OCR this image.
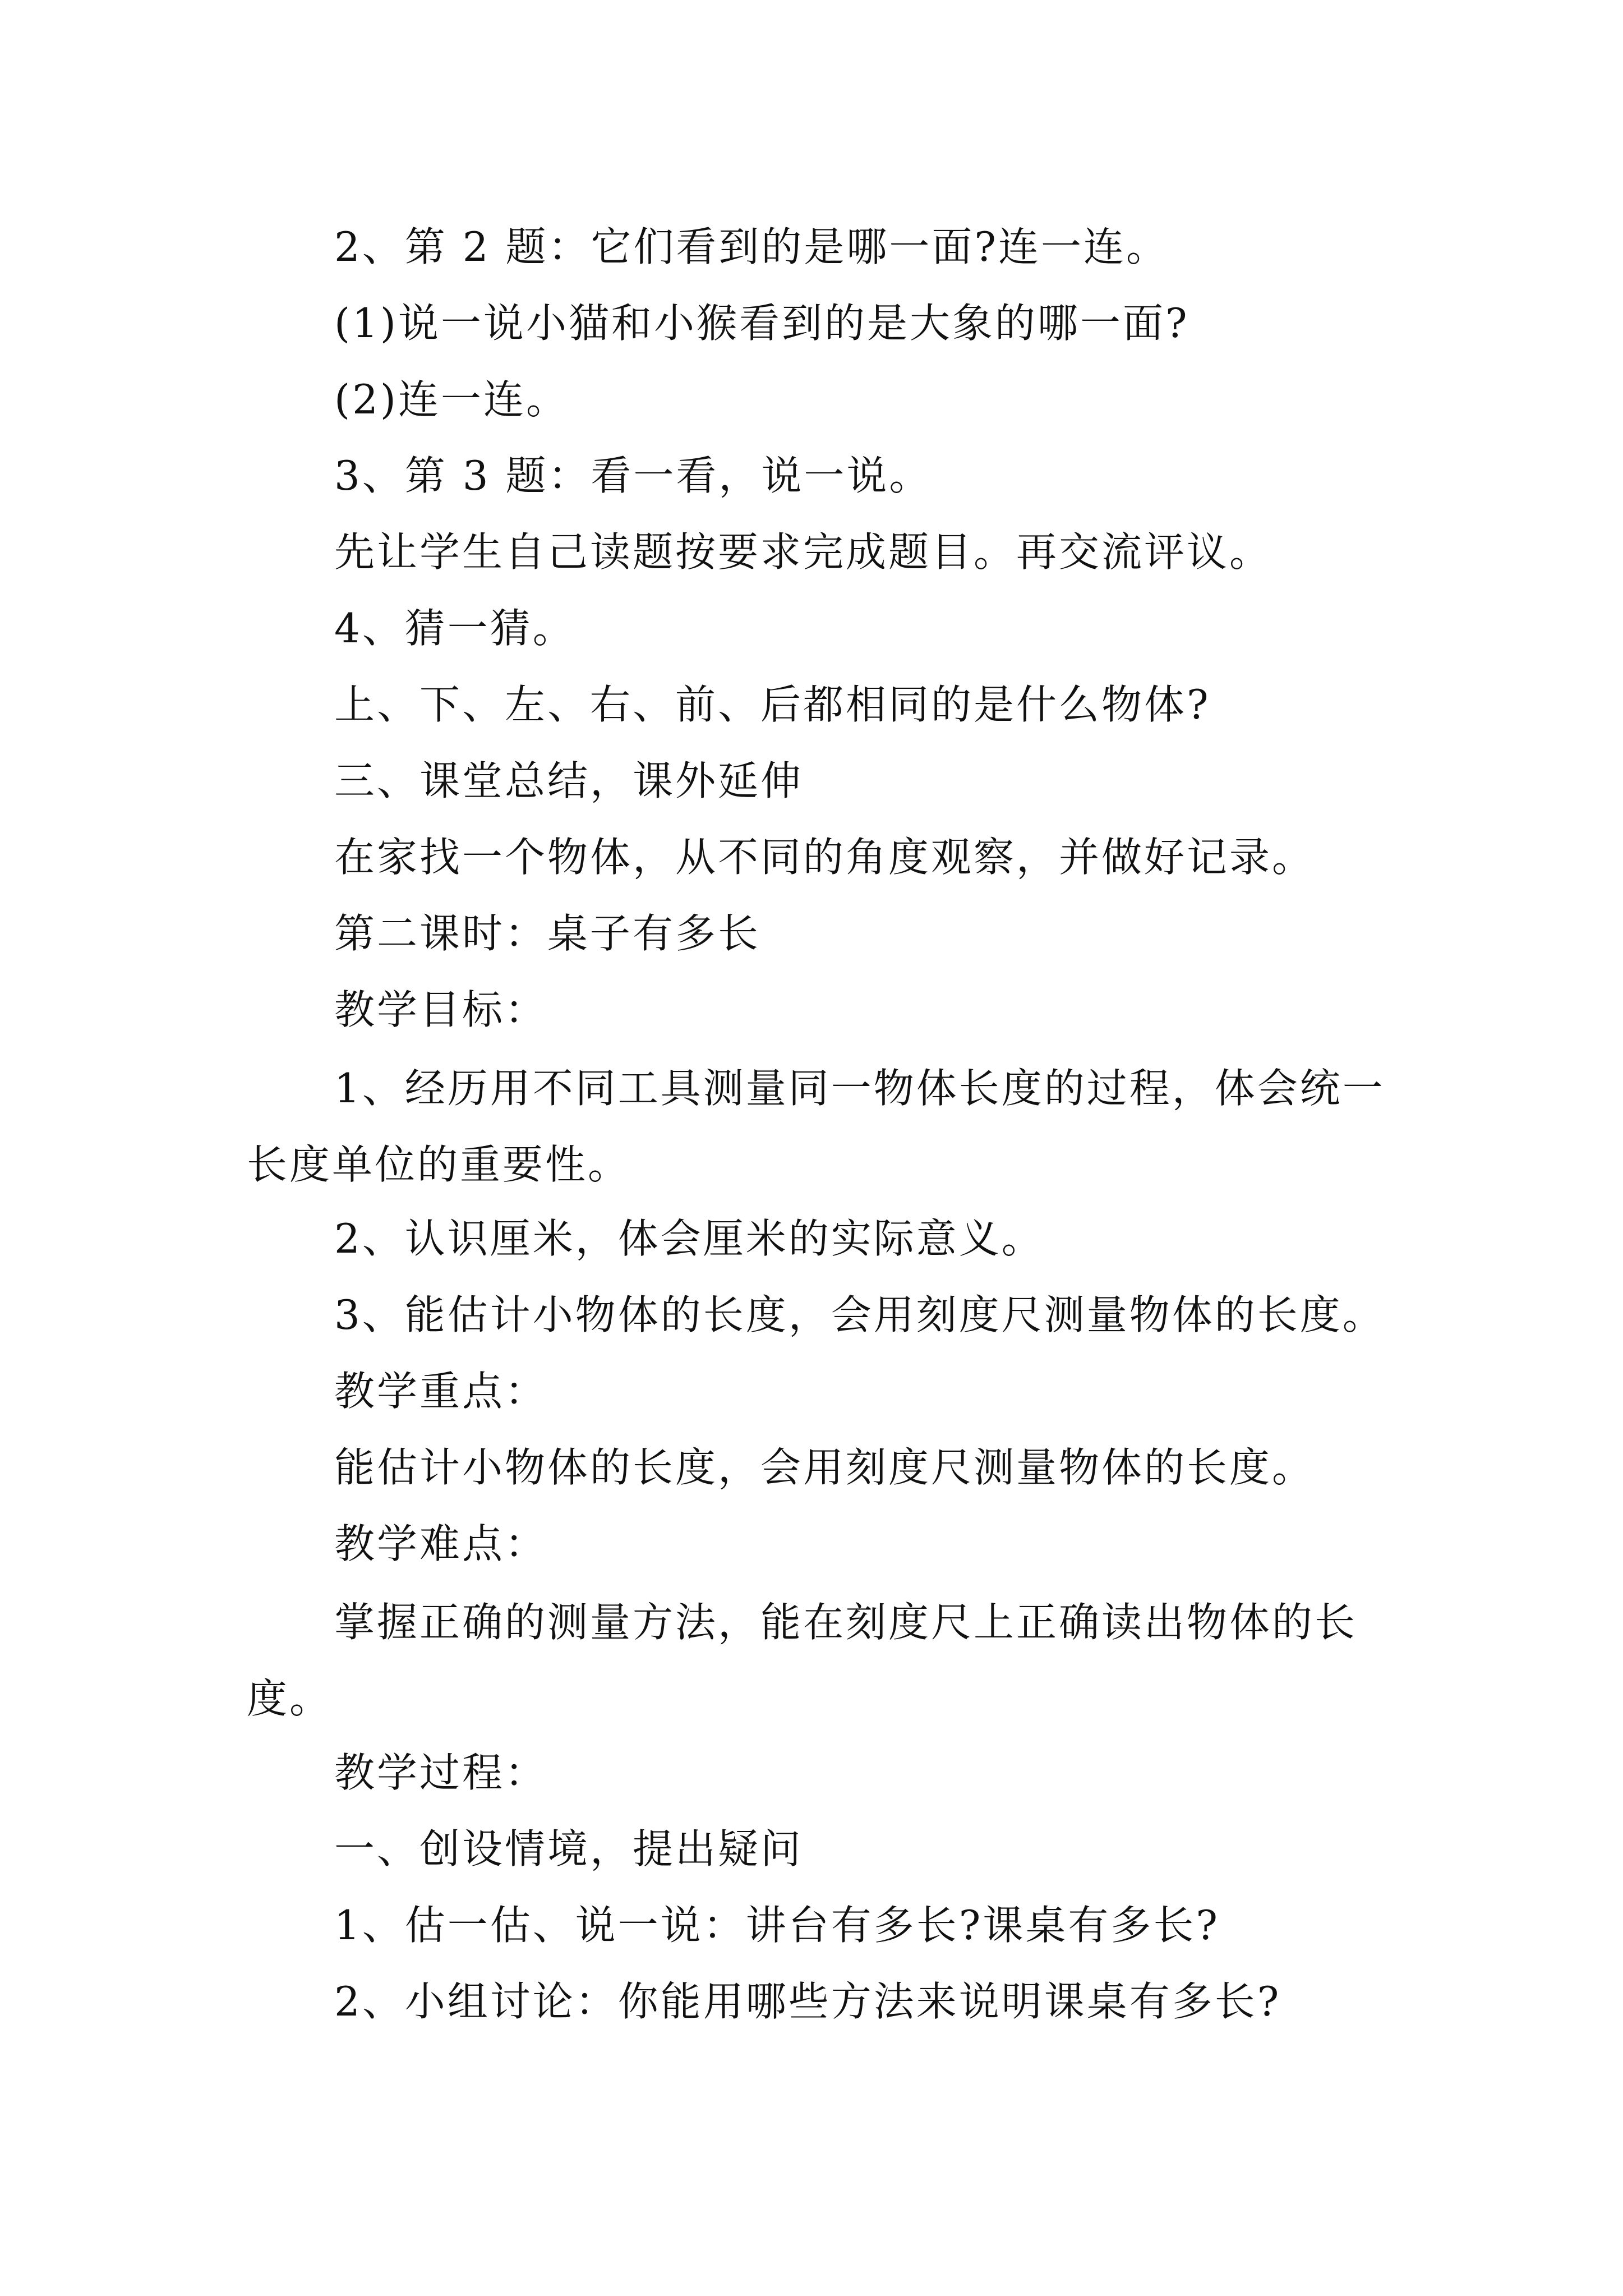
2、第 2 题：它们看到的是哪一面?连一连。

(1)说一说小猫和小猴看到的是大象的哪一面?

(2)连一连。

3、第 3 题：看一看，说一说。

先让学生自己读题按要求完成题目。再交流评议。

4、猜一猜。

上、下、左、右、前、后都相同的是什么物体?

三、课堂总结，课外延伸

在家找一个物体，从不同的角度观察，并做好记录。

第二课时：桌子有多长

教学目标：

1、经历用不同工具测量同一物体长度的过程，体会统一长度单位的重要性。

2、认识厘米，体会厘米的实际意义。

3、能估计小物体的长度，会用刻度尺测量物体的长度。

教学重点：

能估计小物体的长度，会用刻度尺测量物体的长度。

教学难点：

掌握正确的测量方法，能在刻度尺上正确读出物体的长度。

教学过程：

一、创设情境，提出疑问

1、估一估、说一说：讲台有多长?课桌有多长?

2、小组讨论：你能用哪些方法来说明课桌有多长?
